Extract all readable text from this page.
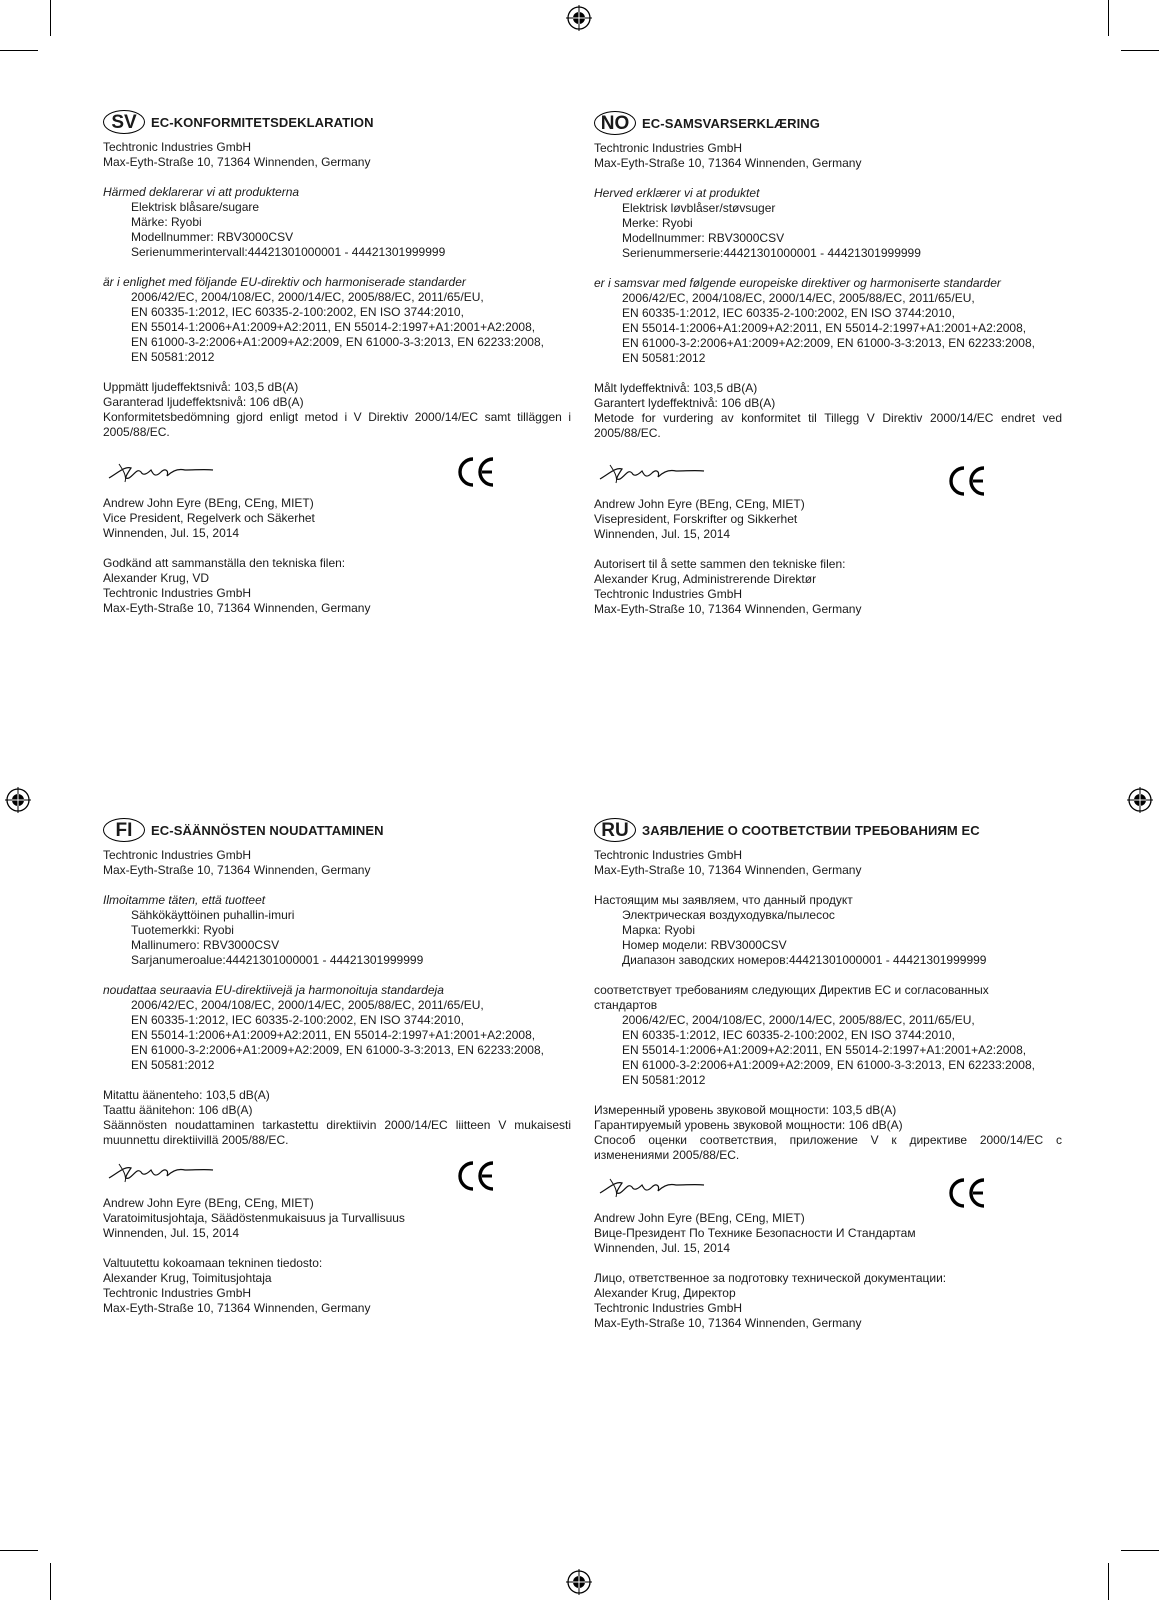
SV	EC-KONFORMITETSDEKLARATION

Techtronic Industries GmbH

Max-Eyth-Straße 10, 71364 Winnenden, Germany

Härmed deklarerar vi att produkterna

Elektrisk blåsare/sugare

Märke: Ryobi

Modellnummer: RBV3000CSV

Serienummerintervall:44421301000001 - 44421301999999

är i enlighet med följande EU-direktiv och harmoniserade standarder

2006/42/EC, 2004/108/EC, 2000/14/EC, 2005/88/EC, 2011/65/EU,

EN 60335-1:2012, IEC 60335-2-100:2002, EN ISO 3744:2010,

EN 55014-1:2006+A1:2009+A2:2011, EN 55014-2:1997+A1:2001+A2:2008,

EN 61000-3-2:2006+A1:2009+A2:2009, EN 61000-3-3:2013, EN 62233:2008,

EN 50581:2012

Uppmätt ljudeffektsnivå: 103,5 dB(A)

Garanterad ljudeffektsnivå: 106 dB(A)

Konformitetsbedömning gjord enligt metod i V Direktiv 2000/14/EC samt tilläggen i 2005/88/EC.

Andrew John Eyre (BEng, CEng, MIET)

Vice President, Regelverk och Säkerhet

Winnenden, Jul. 15, 2014

Godkänd att sammanställa den tekniska filen:

Alexander Krug, VD

Techtronic Industries GmbH

Max-Eyth-Straße 10, 71364 Winnenden, Germany

NO EC-SAMSVARSERKLÆRING

Techtronic Industries GmbH

Max-Eyth-Straße 10, 71364 Winnenden, Germany

Herved erklærer vi at produktet

Elektrisk løvblåser/støvsuger

Merke: Ryobi

Modellnummer: RBV3000CSV

Serienummerserie:44421301000001 - 44421301999999

er i samsvar med følgende europeiske direktiver og harmoniserte standarder

2006/42/EC, 2004/108/EC, 2000/14/EC, 2005/88/EC, 2011/65/EU,

EN 60335-1:2012, IEC 60335-2-100:2002, EN ISO 3744:2010,

EN 55014-1:2006+A1:2009+A2:2011, EN 55014-2:1997+A1:2001+A2:2008,

EN 61000-3-2:2006+A1:2009+A2:2009, EN 61000-3-3:2013, EN 62233:2008,

EN 50581:2012

Målt lydeffektnivå: 103,5 dB(A)

Garantert lydeffektnivå: 106 dB(A)

Metode for vurdering av konformitet til Tillegg V Direktiv 2000/14/EC endret ved 2005/88/EC.

Andrew John Eyre (BEng, CEng, MIET)

Visepresident, Forskrifter og Sikkerhet

Winnenden, Jul. 15, 2014

Autorisert til å sette sammen den tekniske filen:

Alexander Krug, Administrerende Direktør

Techtronic Industries GmbH

Max-Eyth-Straße 10, 71364 Winnenden, Germany

FI	EC-SÄÄNNÖSTEN NOUDATTAMINEN

Techtronic Industries GmbH

Max-Eyth-Straße 10, 71364 Winnenden, Germany

Ilmoitamme täten, että tuotteet

Sähkökäyttöinen puhallin-imuri

Tuotemerkki: Ryobi

Mallinumero: RBV3000CSV

Sarjanumeroalue:44421301000001 - 44421301999999

noudattaa seuraavia EU-direktiivejä ja harmonoituja standardeja

2006/42/EC, 2004/108/EC, 2000/14/EC, 2005/88/EC, 2011/65/EU,

EN 60335-1:2012, IEC 60335-2-100:2002, EN ISO 3744:2010,

EN 55014-1:2006+A1:2009+A2:2011, EN 55014-2:1997+A1:2001+A2:2008,

EN 61000-3-2:2006+A1:2009+A2:2009, EN 61000-3-3:2013, EN 62233:2008,

EN 50581:2012

Mitattu äänenteho: 103,5 dB(A)

Taattu äänitehon: 106 dB(A)

Säännösten noudattaminen tarkastettu direktiivin 2000/14/EC liitteen V mukaisesti muunnettu direktiivillä 2005/88/EC.

Andrew John Eyre (BEng, CEng, MIET)

Varatoimitusjohtaja, Säädöstenmukaisuus ja Turvallisuus

Winnenden, Jul. 15, 2014

Valtuutettu kokoamaan tekninen tiedosto:

Alexander Krug, Toimitusjohtaja

Techtronic Industries GmbH

Max-Eyth-Straße 10, 71364 Winnenden, Germany

RU	ЗАЯВЛЕНИЕ О СООТВЕТСТВИИ ТРЕБОВАНИЯМ ЕС

Techtronic Industries GmbH

Max-Eyth-Straße 10, 71364 Winnenden, Germany

Настоящим мы заявляем, что данный продукт

Электрическая воздуходувка/пылесос

Марка: Ryobi

Номер модели: RBV3000CSV

Диапазон заводских номеров:44421301000001 - 44421301999999

соответствует требованиям следующих Директив ЕС и согласованных стандартов

2006/42/EC, 2004/108/EC, 2000/14/EC, 2005/88/EC, 2011/65/EU,

EN 60335-1:2012, IEC 60335-2-100:2002, EN ISO 3744:2010,

EN 55014-1:2006+A1:2009+A2:2011, EN 55014-2:1997+A1:2001+A2:2008,

EN 61000-3-2:2006+A1:2009+A2:2009, EN 61000-3-3:2013, EN 62233:2008,

EN 50581:2012

Измеренный уровень звуковой мощности: 103,5 dB(A)

Гарантируемый уровень звуковой мощности: 106 dB(A)

Способ оценки соответствия, приложение V к директиве 2000/14/EC с изменениями 2005/88/EC.

Andrew John Eyre (BEng, CEng, MIET)

Вице-Президент По Технике Безопасности И Стандартам

Winnenden, Jul. 15, 2014

Лицо, ответственное за подготовку технической документации:

Alexander Krug, Директор

Techtronic Industries GmbH

Max-Eyth-Straße 10, 71364 Winnenden, Germany
